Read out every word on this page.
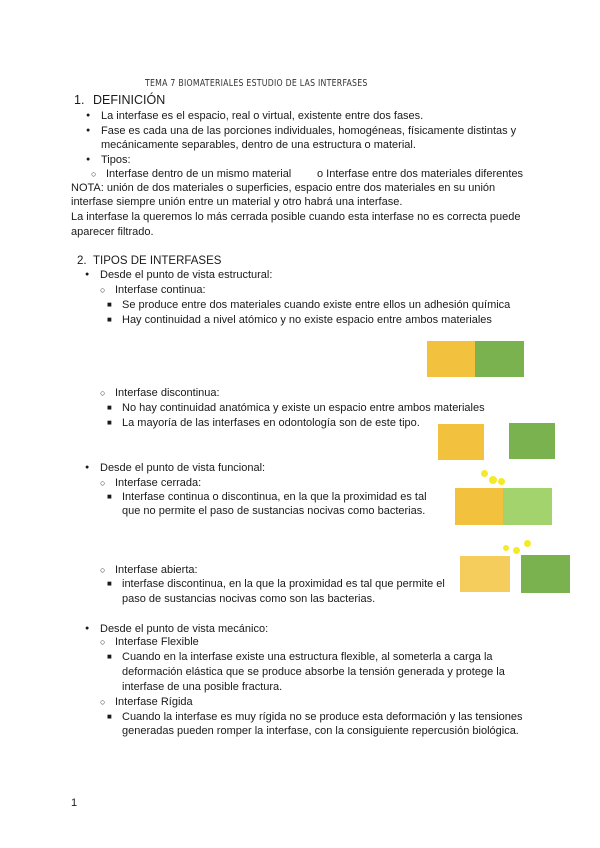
TEMA 7 BIOMATERIALES ESTUDIO DE LAS INTERFASES
1. DEFINICIÓN
● La interfase es el espacio, real o virtual, existente entre dos fases.
● Fase es cada una de las porciones individuales, homogéneas, físicamente distintas y
mecánicamente separables, dentro de una estructura o material.
● Tipos:
○ Interfase dentro de un mismo material o Interfase entre dos materiales diferentes
NOTA: unión de dos materiales o superficies, espacio entre dos materiales en su unión
interfase siempre unión entre un material y otro habrá una interfase.
La interfase la queremos lo más cerrada posible cuando esta interfase no es correcta puede
aparecer filtrado.
2. TIPOS DE INTERFASES
● Desde el punto de vista estructural:
○ Interfase continua:
■ Se produce entre dos materiales cuando existe entre ellos un adhesión química
■ Hay continuidad a nivel atómico y no existe espacio entre ambos materiales
○ Interfase discontinua:
■ No hay continuidad anatómica y existe un espacio entre ambos materiales
■ La mayoría de las interfases en odontología son de este tipo.
● Desde el punto de vista funcional:
○ Interfase cerrada:
■ Interfase continua o discontinua, en la que la proximidad es tal
que no permite el paso de sustancias nocivas como bacterias.
○ Interfase abierta:
■ interfase discontinua, en la que la proximidad es tal que permite el
paso de sustancias nocivas como son las bacterias.
● Desde el punto de vista mecánico:
○ Interfase Flexible
■ Cuando en la interfase existe una estructura flexible, al someterla a carga la
deformación elástica que se produce absorbe la tensión generada y protege la
interfase de una posible fractura.
○ Interfase Rígida
■ Cuando la interfase es muy rígida no se produce esta deformación y las tensiones
generadas pueden romper la interfase, con la consiguiente repercusión biológica.
1
